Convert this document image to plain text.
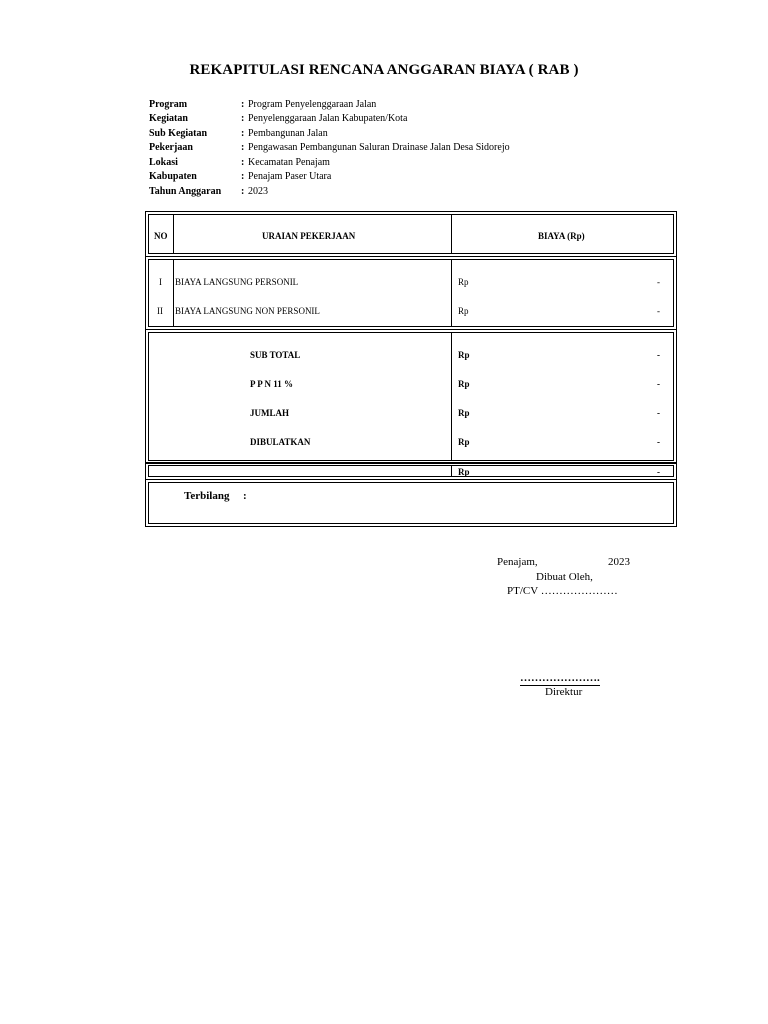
REKAPITULASI RENCANA ANGGARAN BIAYA ( RAB )
Program	: Program Penyelenggaraan Jalan
Kegiatan	: Penyelenggaraan Jalan Kabupaten/Kota
Sub Kegiatan	: Pembangunan Jalan
Pekerjaan	: Pengawasan Pembangunan Saluran Drainase Jalan Desa Sidorejo
Lokasi	: Kecamatan Penajam
Kabupaten	: Penajam Paser Utara
Tahun Anggaran	: 2023
NO	URAIAN PEKERJAAN	BIAYA (Rp)
I BIAYA LANGSUNG PERSONIL	Rp	-
II BIAYA LANGSUNG NON PERSONIL	Rp	-
SUB TOTAL	Rp	-
P P N 11 %	Rp	-
JUMLAH	Rp	-
DIBULATKAN	Rp	-
Rp	-
Terbilang :
Penajam,	2023
Dibuat Oleh,
PT/CV …………………
………………….
Direktur
